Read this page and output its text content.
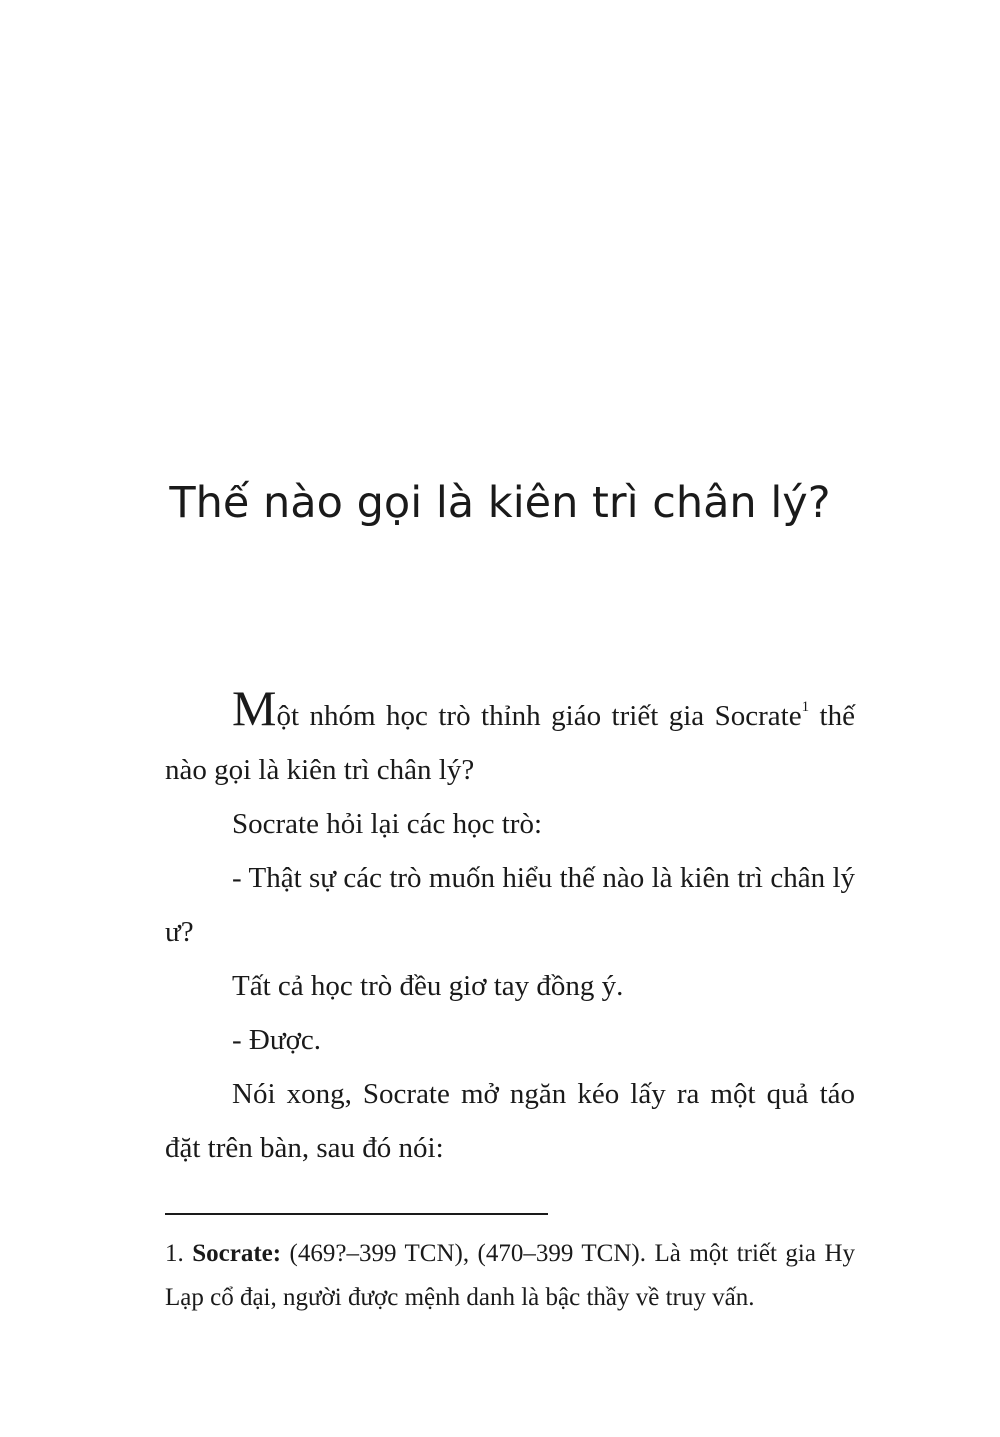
Thế nào gọi là kiên trì chân lý?

Một nhóm học trò thỉnh giáo triết gia Socrate$^1$ thế nào gọi là kiên trì chân lý?

Socrate hỏi lại các học trò:

- Thật sự các trò muốn hiểu thế nào là kiên trì chân lý ư?

Tất cả học trò đều giơ tay đồng ý.

- Được.

Nói xong, Socrate mở ngăn kéo lấy ra một quả táo đặt trên bàn, sau đó nói:

1. Socrate: (469?–399 TCN), (470–399 TCN). Là một triết gia Hy Lạp cổ đại, người được mệnh danh là bậc thầy về truy vấn.
